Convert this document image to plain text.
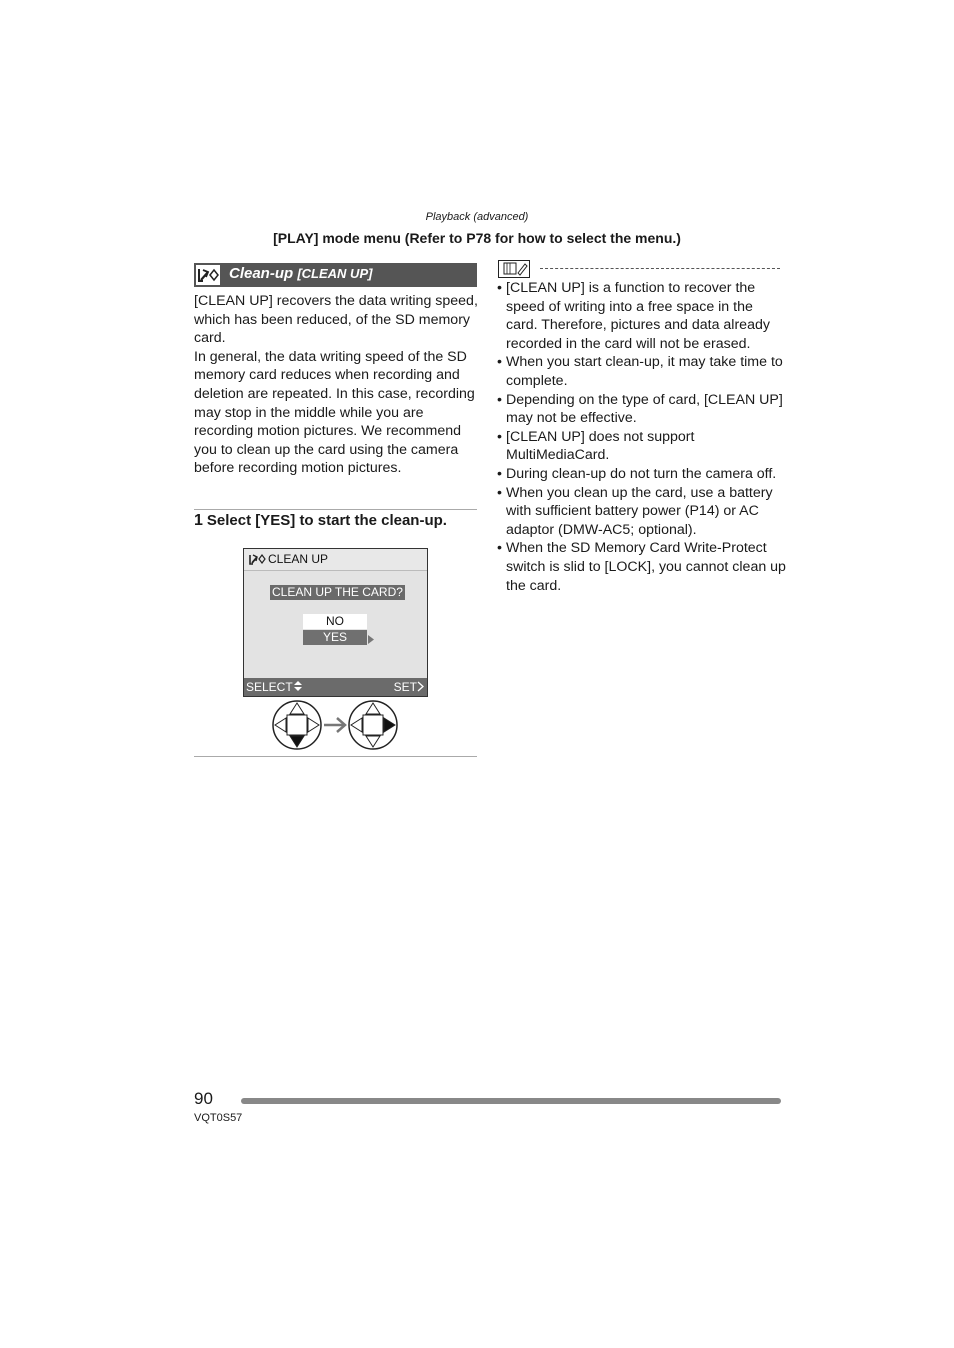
Playback (advanced)
[PLAY] mode menu (Refer to P78 for how to select the menu.)
Clean-up [CLEAN UP]

[CLEAN UP] recovers the data writing speed, which has been reduced, of the SD memory card.

In general, the data writing speed of the SD memory card reduces when recording and deletion are repeated. In this case, recording may stop in the middle while you are recording motion pictures. We recommend you to clean up the card using the camera before recording motion pictures.

1 Select [YES] to start the clean-up.
CLEAN UP
CLEAN UP THE CARD?
NO
YES
SELECT	SET
• [CLEAN UP] is a function to recover the speed of writing into a free space in the card. Therefore, pictures and data already recorded in the card will not be erased.
• When you start clean-up, it may take time to complete.
• Depending on the type of card, [CLEAN UP] may not be effective.
• [CLEAN UP] does not support MultiMediaCard.
• During clean-up do not turn the camera off.
• When you clean up the card, use a battery with sufficient battery power (P14) or AC adaptor (DMW-AC5; optional).
• When the SD Memory Card Write-Protect switch is slid to [LOCK], you cannot clean up the card.
90
VQT0S57
